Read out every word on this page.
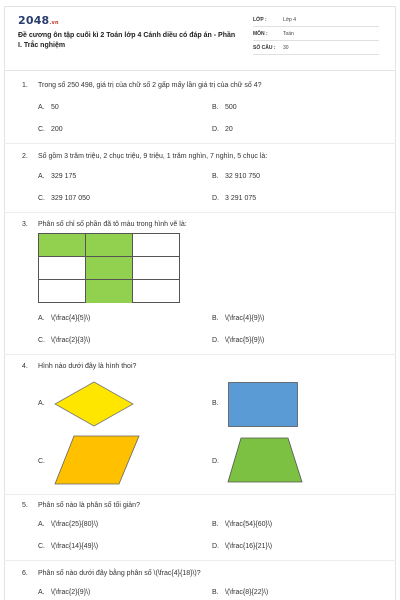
2048.vn
Đề cương ôn tập cuối kì 2 Toán lớp 4 Cánh diều có đáp án - Phần I. Trắc nghiệm
LỚP :	Lớp 4
MÔN :	Toán
SỐ CÂU : 30
1. Trong số 250 498, giá trị của chữ số 2 gấp mấy lần giá trị của chữ số 4?
A. 50	B. 500
C. 200	D. 20
2. Số gồm 3 trăm triệu, 2 chục triệu, 9 triệu, 1 trăm nghìn, 7 nghìn, 5 chục là:
A. 329 175	B. 32 910 750
C. 329 107 050	D. 3 291 075
3. Phân số chỉ số phần đã tô màu trong hình vẽ là:
A. \(\frac{4}{5}\)	B. \(\frac{4}{9}\)
C. \(\frac{2}{3}\)	D. \(\frac{5}{9}\)
4. Hình nào dưới đây là hình thoi?
A.	B.
C.	D.
5. Phân số nào là phân số tối giản?
A. \(\frac{25}{80}\)	B. \(\frac{54}{60}\)
C. \(\frac{14}{49}\)	D. \(\frac{16}{21}\)
6. Phân số nào dưới đây bằng phân số \(\frac{4}{18}\)?
A. \(\frac{2}{9}\)	B. \(\frac{8}{22}\)
